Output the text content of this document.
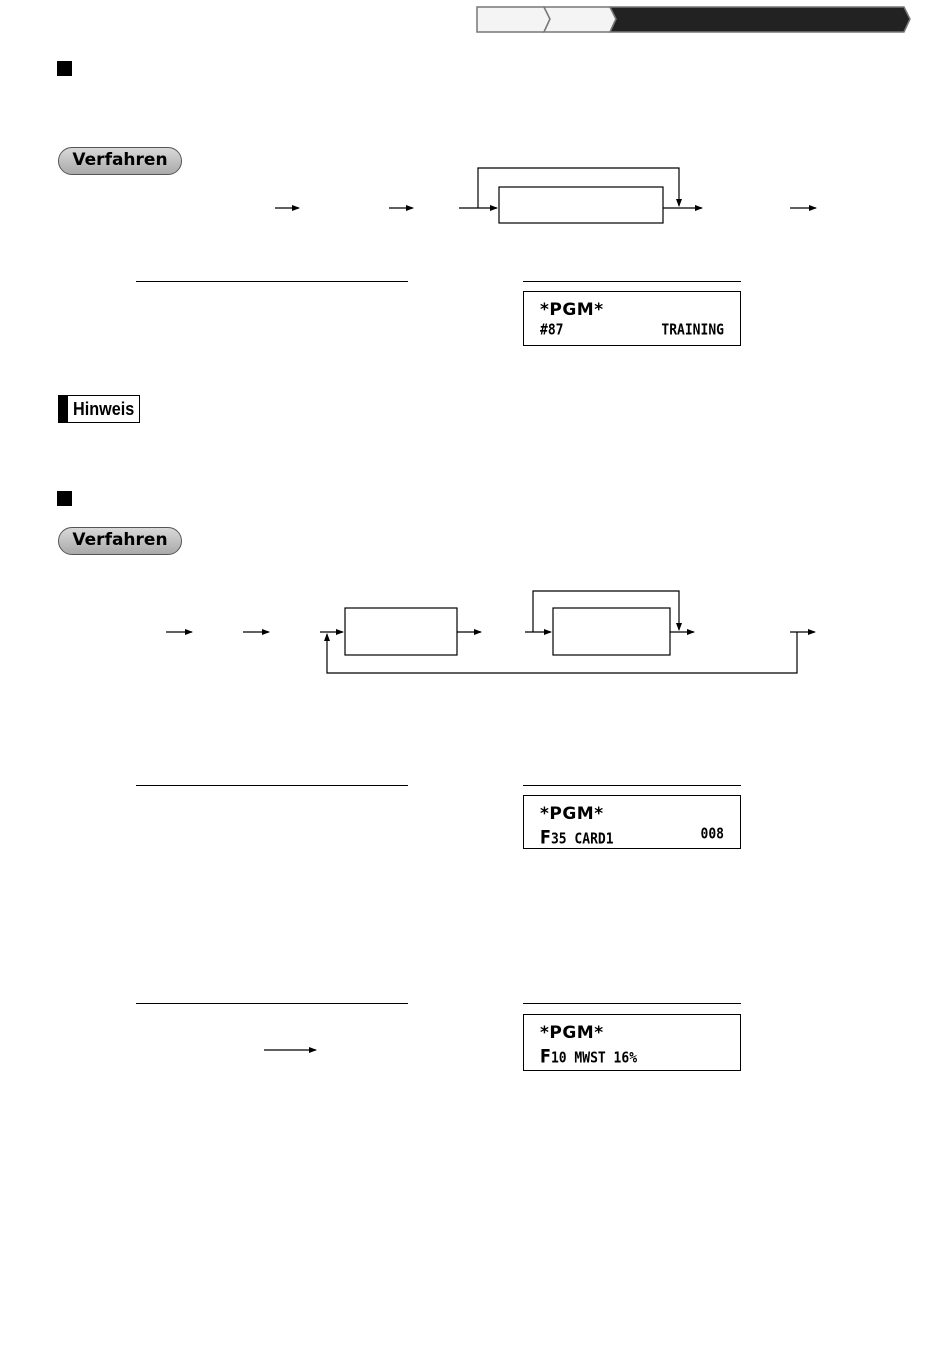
Verfahren
*PGM*
#87	TRAINING
Hinweis
Verfahren
*PGM*
F35 CARD1	008
*PGM*
F10 MWST 16%
